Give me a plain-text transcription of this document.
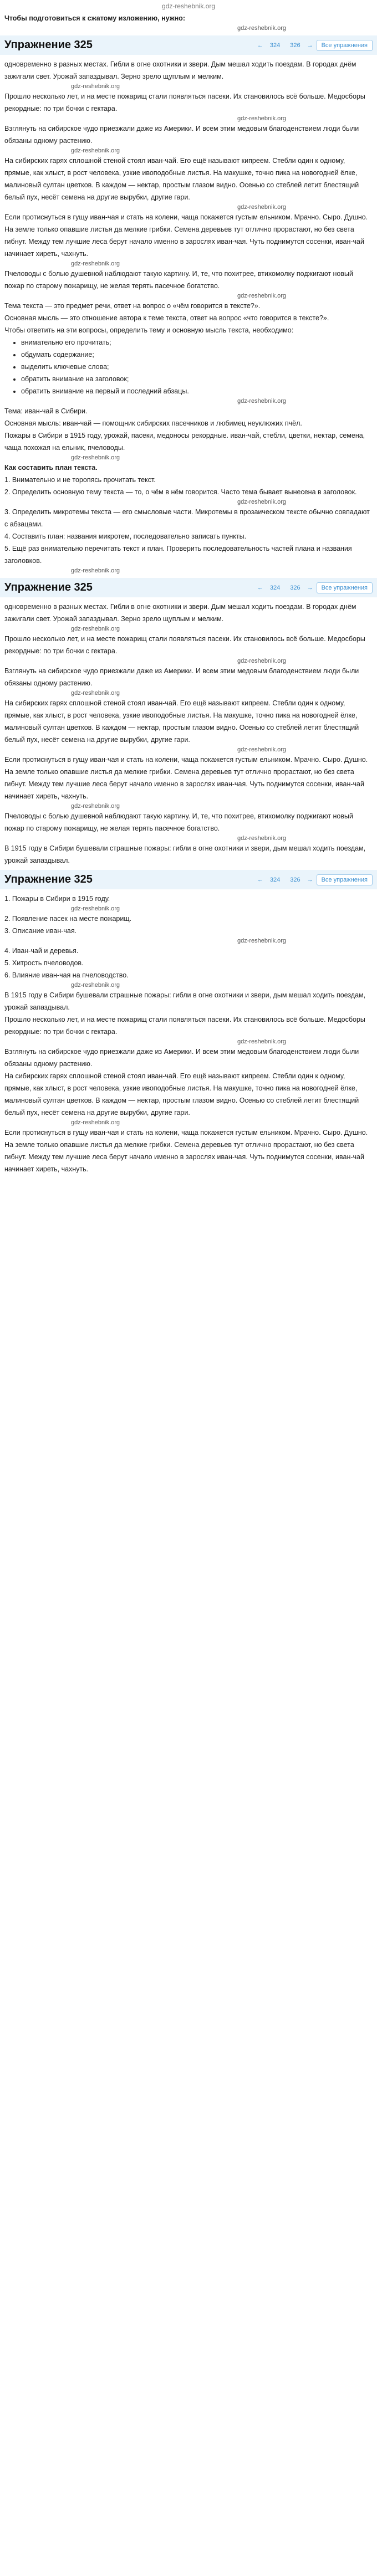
gdz-reshebnik.org

Чтобы подготовиться к сжатому изложению, нужно:

gdz-reshebnik.org
Упражнение 325	←	324	326	→	Все упражнения

одновременно в разных местах. Гибли в огне охотники и звери. Дым мешал ходить поездам. В городах днём зажигали свет. Урожай запаздывал. Зерно зрело щуплым и мелким.

gdz-reshebnik.org

Прошло несколько лет, и на месте пожарищ стали появляться пасеки. Их становилось всё больше. Медосборы рекордные: по три бочки с гектара.

gdz-reshebnik.org

Взглянуть на сибирское чудо приезжали даже из Америки. И всем этим медовым благоденствием люди были обязаны одному растению.

gdz-reshebnik.org

На сибирских гарях сплошной стеной стоял иван-чай. Его ещё называют кипреем. Стебли один к одному, прямые, как хлыст, в рост человека, узкие ивоподобные листья. На макушке, точно пика на новогодней ёлке, малиновый султан цветков. В каждом — нектар, простым глазом видно. Осенью со стеблей летит блестящий белый пух, несёт семена на другие вырубки, другие гари.

gdz-reshebnik.org

Если протиснуться в гущу иван-чая и стать на колени, чаща покажется густым ельником. Мрачно. Сыро. Душно. На земле только опавшие листья да мелкие грибки. Семена деревьев тут отлично прорастают, но без света гибнут. Между тем лучшие леса берут начало именно в зарослях иван-чая. Чуть поднимутся сосенки, иван-чай начинает хиреть, чахнуть.

gdz-reshebnik.org

Пчеловоды с болью душевной наблюдают такую картину. И, те, что похитрее, втихомолку поджигают новый пожар по старому пожарищу, не желая терять пасечное богатство.

gdz-reshebnik.org

Тема текста — это предмет речи, ответ на вопрос о «чём говорится в тексте?».

Основная мысль — это отношение автора к теме текста, ответ на вопрос «что говорится в тексте?».

Чтобы ответить на эти вопросы, определить тему и основную мысль текста, необходимо:

• внимательно его прочитать;
• обдумать содержание;
• выделить ключевые слова;
• обратить внимание на заголовок;
• обратить внимание на первый и последний абзацы.
gdz-reshebnik.org

Тема: иван-чай в Сибири.

Основная мысль: иван-чай — помощник сибирских пасечников и любимец неуклюжих пчёл.

Пожары в Сибири в 1915 году, урожай, пасеки, медоносы рекордные. иван-чай, стебли, цветки, нектар, семена, чаща похожая на ельник, пчеловоды.

gdz-reshebnik.org

Как составить план текста.

1. Внимательно и не торопясь прочитать текст.

2. Определить основную тему текста — то, о чём в нём говорится. Часто тема бывает вынесена в заголовок.

gdz-reshebnik.org

3. Определить микротемы текста — его смысловые части. Микротемы в прозаическом тексте обычно совпадают с абзацами.

4. Составить план: названия микротем, последовательно записать пункты.

5. Ещё раз внимательно перечитать текст и план. Проверить последовательность частей плана и названия заголовков.

gdz-reshebnik.org
Упражнение 325	←	324	326	→	Все упражнения

одновременно в разных местах. Гибли в огне охотники и звери. Дым мешал ходить поездам. В городах днём зажигали свет. Урожай запаздывал. Зерно зрело щуплым и мелким.

gdz-reshebnik.org

Прошло несколько лет, и на месте пожарищ стали появляться пасеки. Их становилось всё больше. Медосборы рекордные: по три бочки с гектара.

gdz-reshebnik.org

Взглянуть на сибирское чудо приезжали даже из Америки. И всем этим медовым благоденствием люди были обязаны одному растению.

gdz-reshebnik.org

На сибирских гарях сплошной стеной стоял иван-чай. Его ещё называют кипреем. Стебли один к одному, прямые, как хлыст, в рост человека, узкие ивоподобные листья. На макушке, точно пика на новогодней ёлке, малиновый султан цветков. В каждом — нектар, простым глазом видно. Осенью со стеблей летит блестящий белый пух, несёт семена на другие вырубки, другие гари.

gdz-reshebnik.org

Если протиснуться в гущу иван-чая и стать на колени, чаща покажется густым ельником. Мрачно. Сыро. Душно. На земле только опавшие листья да мелкие грибки. Семена деревьев тут отлично прорастают, но без света гибнут. Между тем лучшие леса берут начало именно в зарослях иван-чая. Чуть поднимутся сосенки, иван-чай начинает хиреть, чахнуть.

gdz-reshebnik.org

Пчеловоды с болью душевной наблюдают такую картину. И, те, что похитрее, втихомолку поджигают новый пожар по старому пожарищу, не желая терять пасечное богатство.

gdz-reshebnik.org

В 1915 году в Сибири бушевали страшные пожары: гибли в огне охотники и звери, дым мешал ходить поездам, урожай запаздывал.

Упражнение 325	←	324	326	→	Все упражнения

1. Пожары в Сибири в 1915 году.

gdz-reshebnik.org

2. Появление пасек на месте пожарищ.

3. Описание иван-чая.

gdz-reshebnik.org

4. Иван-чай и деревья.

5. Хитрость пчеловодов.

6. Влияние иван-чая на пчеловодство.

gdz-reshebnik.org

В 1915 году в Сибири бушевали страшные пожары: гибли в огне охотники и звери, дым мешал ходить поездам, урожай запаздывал.

Прошло несколько лет, и на месте пожарищ стали появляться пасеки. Их становилось всё больше. Медосборы рекордные: по три бочки с гектара.

gdz-reshebnik.org

Взглянуть на сибирское чудо приезжали даже из Америки. И всем этим медовым благоденствием люди были обязаны одному растению.

На сибирских гарях сплошной стеной стоял иван-чай. Его ещё называют кипреем. Стебли один к одному, прямые, как хлыст, в рост человека, узкие ивоподобные листья. На макушке, точно пика на новогодней ёлке, малиновый султан цветков. В каждом — нектар, простым глазом видно. Осенью со стеблей летит блестящий белый пух, несёт семена на другие вырубки, другие гари.

gdz-reshebnik.org

Если протиснуться в гущу иван-чая и стать на колени, чаща покажется густым ельником. Мрачно. Сыро. Душно. На земле только опавшие листья да мелкие грибки. Семена деревьев тут отлично прорастают, но без света гибнут. Между тем лучшие леса берут начало именно в зарослях иван-чая. Чуть поднимутся сосенки, иван-чай начинает хиреть, чахнуть.
